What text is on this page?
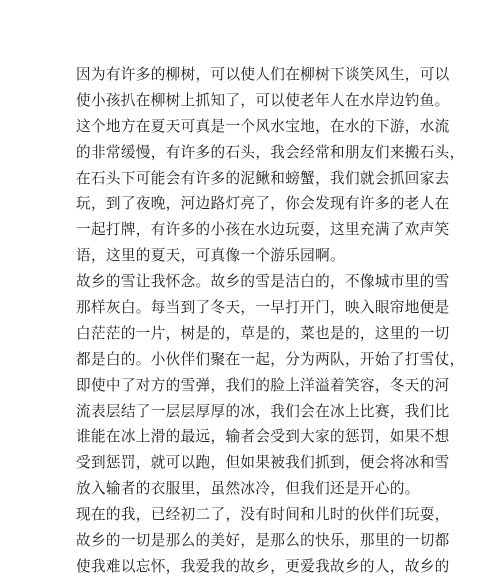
因为有许多的柳树，可以使人们在柳树下谈笑风生，可以
使小孩扒在柳树上抓知了，可以使老年人在水岸边钓鱼。
这个地方在夏天可真是一个风水宝地，在水的下游，水流
的非常缓慢，有许多的石头，我会经常和朋友们来搬石头，
在石头下可能会有许多的泥鳅和螃蟹，我们就会抓回家去
玩，到了夜晚，河边路灯亮了，你会发现有许多的老人在
一起打牌，有许多的小孩在水边玩耍，这里充满了欢声笑
语，这里的夏天，可真像一个游乐园啊。
故乡的雪让我怀念。故乡的雪是洁白的，不像城市里的雪
那样灰白。每当到了冬天，一早打开门，映入眼帘地便是
白茫茫的一片，树是的，草是的，菜也是的，这里的一切
都是白的。小伙伴们聚在一起，分为两队，开始了打雪仗，
即使中了对方的雪弹，我们的脸上洋溢着笑容，冬天的河
流表层结了一层层厚厚的冰，我们会在冰上比赛，我们比
谁能在冰上滑的最远，输者会受到大家的惩罚，如果不想
受到惩罚，就可以跑，但如果被我们抓到，便会将冰和雪
放入输者的衣服里，虽然冰冷，但我们还是开心的。
现在的我，已经初二了，没有时间和儿时的伙伴们玩耍，
故乡的一切是那么的美好，是那么的快乐，那里的一切都
使我难以忘怀，我爱我的故乡，更爱我故乡的人，故乡的
